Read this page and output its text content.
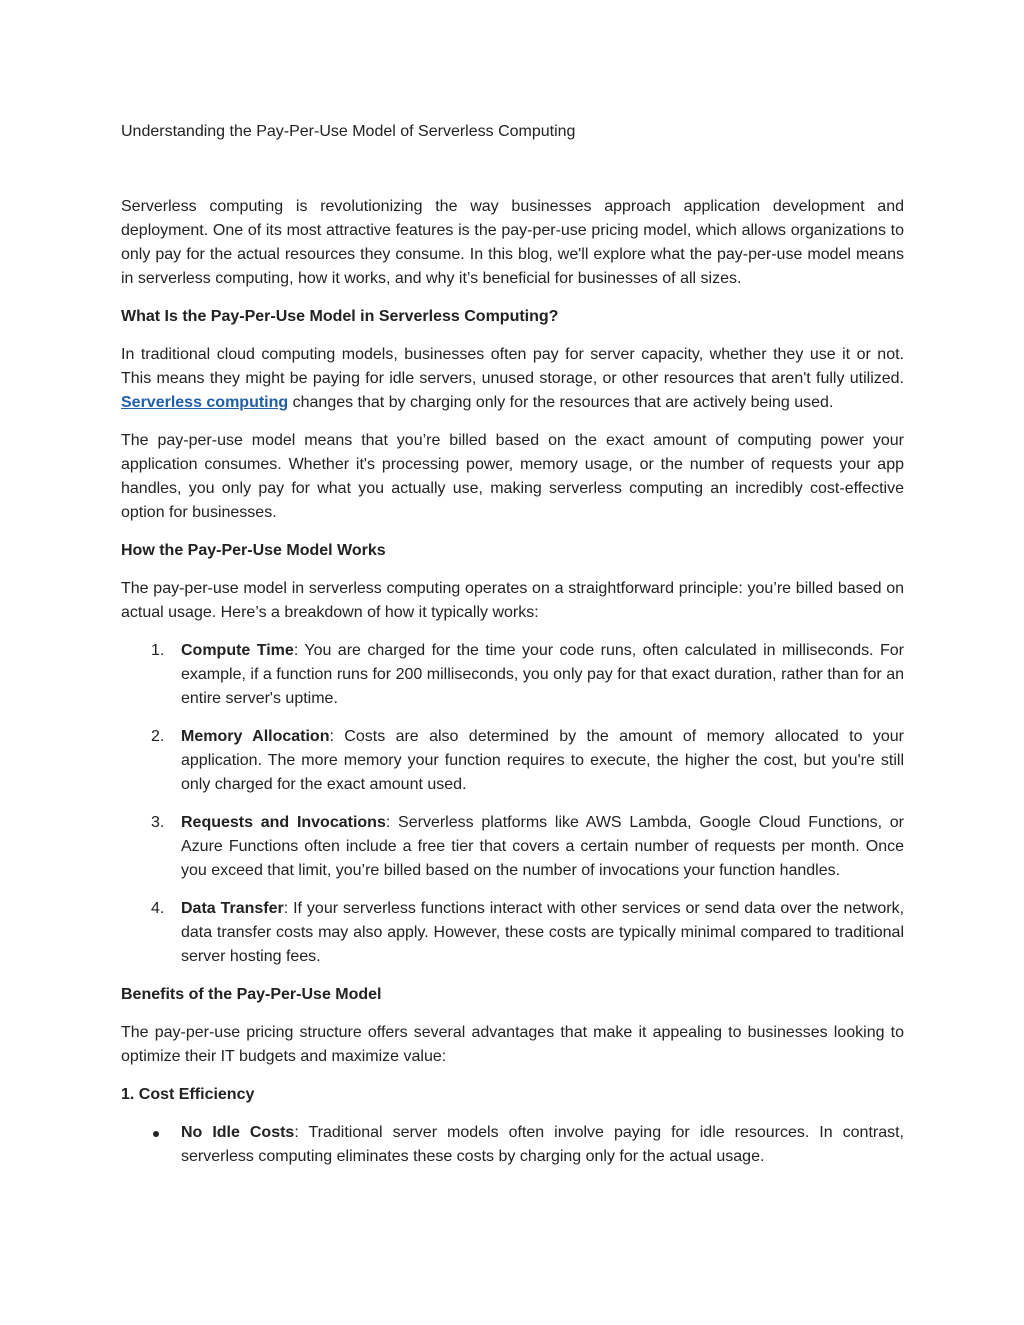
Understanding the Pay-Per-Use Model of Serverless Computing

Serverless computing is revolutionizing the way businesses approach application development and deployment. One of its most attractive features is the pay-per-use pricing model, which allows organizations to only pay for the actual resources they consume. In this blog, we'll explore what the pay-per-use model means in serverless computing, how it works, and why it’s beneficial for businesses of all sizes.

What Is the Pay-Per-Use Model in Serverless Computing?

In traditional cloud computing models, businesses often pay for server capacity, whether they use it or not. This means they might be paying for idle servers, unused storage, or other resources that aren't fully utilized. Serverless computing changes that by charging only for the resources that are actively being used.

The pay-per-use model means that you’re billed based on the exact amount of computing power your application consumes. Whether it's processing power, memory usage, or the number of requests your app handles, you only pay for what you actually use, making serverless computing an incredibly cost-effective option for businesses.

How the Pay-Per-Use Model Works

The pay-per-use model in serverless computing operates on a straightforward principle: you’re billed based on actual usage. Here’s a breakdown of how it typically works:

1. Compute Time: You are charged for the time your code runs, often calculated in milliseconds. For example, if a function runs for 200 milliseconds, you only pay for that exact duration, rather than for an entire server's uptime.
2. Memory Allocation: Costs are also determined by the amount of memory allocated to your application. The more memory your function requires to execute, the higher the cost, but you're still only charged for the exact amount used.
3. Requests and Invocations: Serverless platforms like AWS Lambda, Google Cloud Functions, or Azure Functions often include a free tier that covers a certain number of requests per month. Once you exceed that limit, you’re billed based on the number of invocations your function handles.
4. Data Transfer: If your serverless functions interact with other services or send data over the network, data transfer costs may also apply. However, these costs are typically minimal compared to traditional server hosting fees.
Benefits of the Pay-Per-Use Model

The pay-per-use pricing structure offers several advantages that make it appealing to businesses looking to optimize their IT budgets and maximize value:

1. Cost Efficiency
No Idle Costs: Traditional server models often involve paying for idle resources. In contrast, serverless computing eliminates these costs by charging only for the actual usage.
